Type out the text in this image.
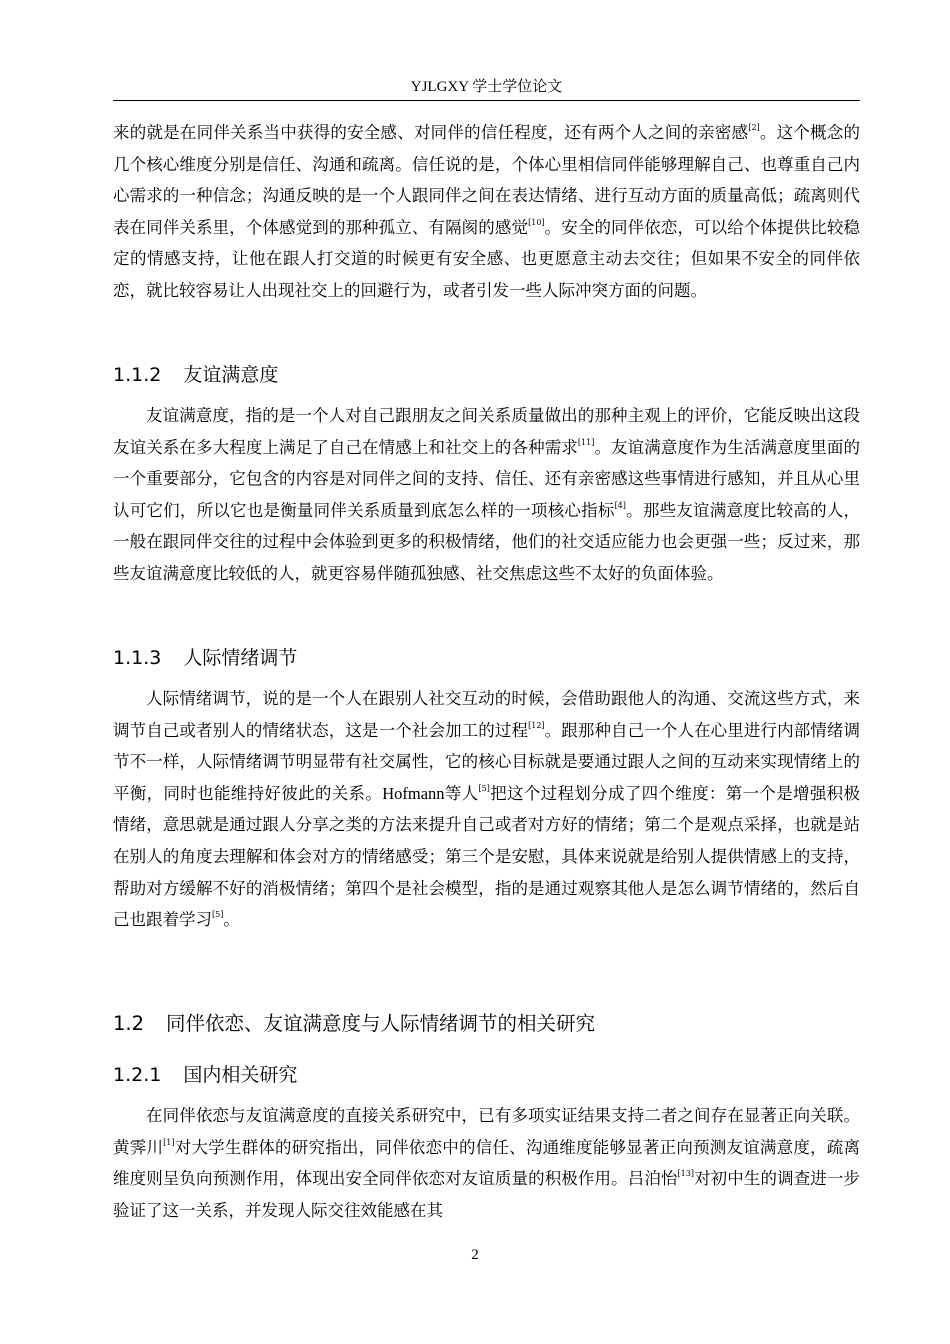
YJLGXY 学士学位论文

来的就是在同伴关系当中获得的安全感、对同伴的信任程度，还有两个人之间的亲密感[2]。这个概念的几个核心维度分别是信任、沟通和疏离。信任说的是，个体心里相信同伴能够理解自己、也尊重自己内心需求的一种信念；沟通反映的是一个人跟同伴之间在表达情绪、进行互动方面的质量高低；疏离则代表在同伴关系里，个体感觉到的那种孤立、有隔阂的感觉[10]。安全的同伴依恋，可以给个体提供比较稳定的情感支持，让他在跟人打交道的时候更有安全感、也更愿意主动去交往；但如果不安全的同伴依恋，就比较容易让人出现社交上的回避行为，或者引发一些人际冲突方面的问题。

1.1.2 友谊满意度

友谊满意度，指的是一个人对自己跟朋友之间关系质量做出的那种主观上的评价，它能反映出这段友谊关系在多大程度上满足了自己在情感上和社交上的各种需求[11]。友谊满意度作为生活满意度里面的一个重要部分，它包含的内容是对同伴之间的支持、信任、还有亲密感这些事情进行感知，并且从心里认可它们，所以它也是衡量同伴关系质量到底怎么样的一项核心指标[4]。那些友谊满意度比较高的人，一般在跟同伴交往的过程中会体验到更多的积极情绪，他们的社交适应能力也会更强一些；反过来，那些友谊满意度比较低的人，就更容易伴随孤独感、社交焦虑这些不太好的负面体验。

1.1.3 人际情绪调节

人际情绪调节，说的是一个人在跟别人社交互动的时候，会借助跟他人的沟通、交流这些方式，来调节自己或者别人的情绪状态，这是一个社会加工的过程[12]。跟那种自己一个人在心里进行内部情绪调节不一样，人际情绪调节明显带有社交属性，它的核心目标就是要通过跟人之间的互动来实现情绪上的平衡，同时也能维持好彼此的关系。Hofmann等人[5]把这个过程划分成了四个维度：第一个是增强积极情绪，意思就是通过跟人分享之类的方法来提升自己或者对方好的情绪；第二个是观点采择，也就是站在别人的角度去理解和体会对方的情绪感受；第三个是安慰，具体来说就是给别人提供情感上的支持，帮助对方缓解不好的消极情绪；第四个是社会模型，指的是通过观察其他人是怎么调节情绪的，然后自己也跟着学习[5]。

1.2 同伴依恋、友谊满意度与人际情绪调节的相关研究
1.2.1 国内相关研究

在同伴依恋与友谊满意度的直接关系研究中，已有多项实证结果支持二者之间存在显著正向关联。黄霁川[1]对大学生群体的研究指出，同伴依恋中的信任、沟通维度能够显著正向预测友谊满意度，疏离维度则呈负向预测作用，体现出安全同伴依恋对友谊质量的积极作用。吕泊怡[13]对初中生的调查进一步验证了这一关系，并发现人际交往效能感在其

2
